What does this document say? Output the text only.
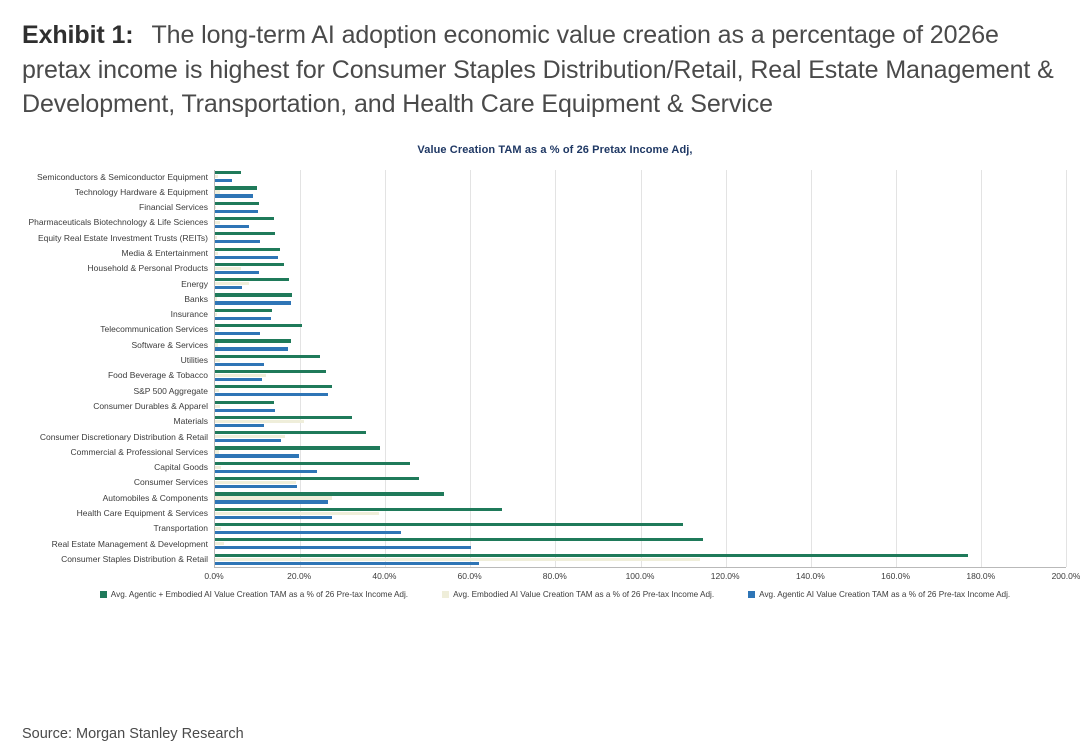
Exhibit 1: The long-term AI adoption economic value creation as a percentage of 2026e pretax income is highest for Consumer Staples Distribution/Retail, Real Estate Management & Development, Transportation, and Health Care Equipment & Service
Value Creation TAM as a % of 26 Pretax Income Adj,
Semiconductors & Semiconductor Equipment
Technology Hardware & Equipment
Financial Services
Pharmaceuticals Biotechnology & Life Sciences
Equity Real Estate Investment Trusts (REITs)
Media & Entertainment
Household & Personal Products
Energy
Banks
Insurance
Telecommunication Services
Software & Services
Utilities
Food Beverage & Tobacco
S&P 500 Aggregate
Consumer Durables & Apparel
Materials
Consumer Discretionary Distribution & Retail
Commercial & Professional Services
Capital Goods
Consumer Services
Automobiles & Components
Health Care Equipment & Services
Transportation
Real Estate Management & Development
Consumer Staples Distribution & Retail
0.0%	20.0%	40.0%	60.0%	80.0%	100.0%	120.0%	140.0%	160.0%	180.0%	200.0%
Avg. Agentic + Embodied AI Value Creation TAM as a % of 26 Pre-tax Income Adj.	Avg. Embodied AI Value Creation TAM as a % of 26 Pre-tax Income Adj.	Avg. Agentic AI Value Creation TAM as a % of 26 Pre-tax Income Adj.
Source: Morgan Stanley Research
